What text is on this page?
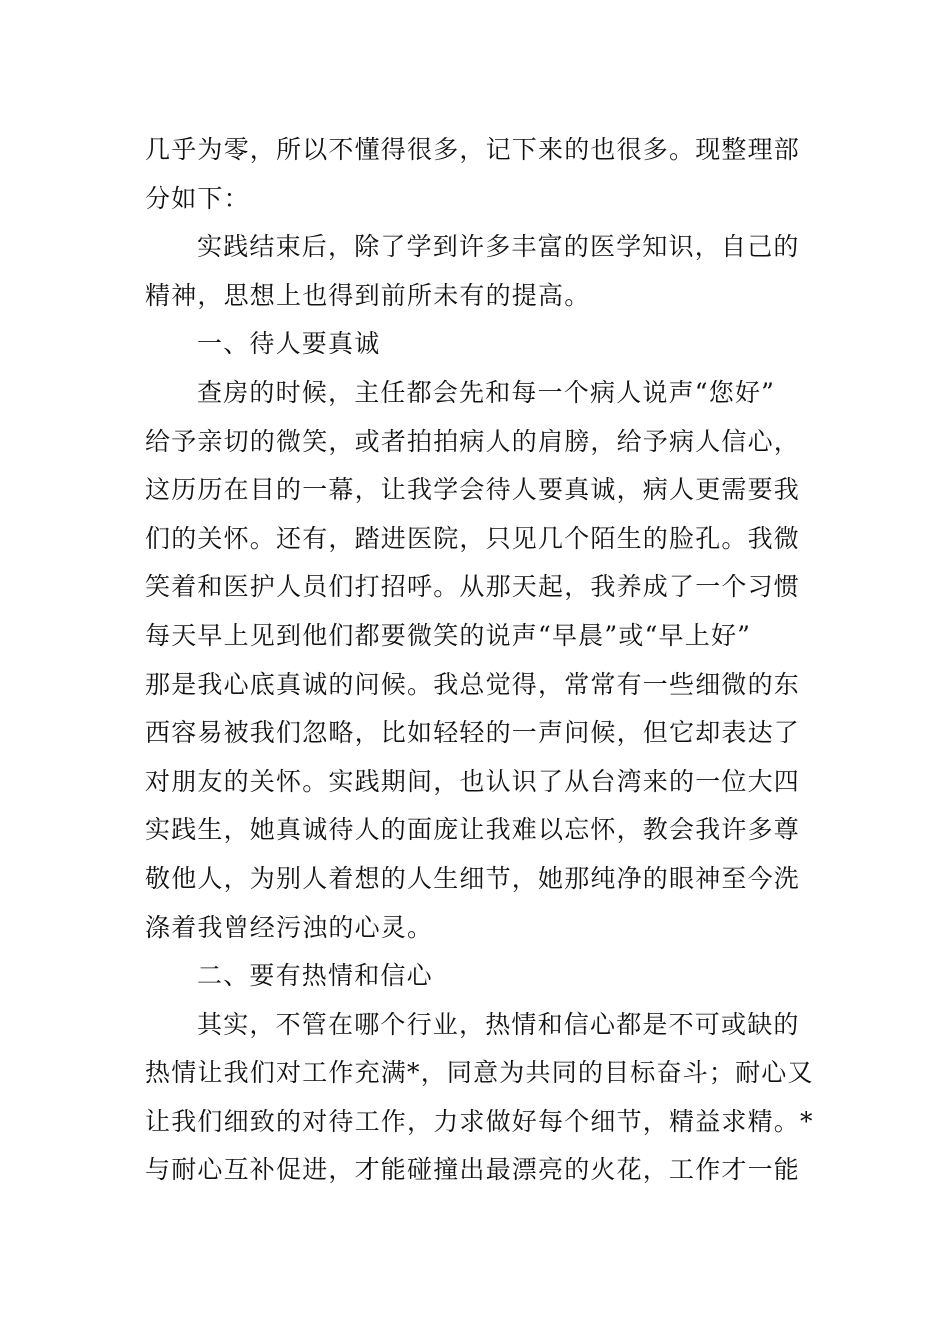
几乎为零，所以不懂得很多，记下来的也很多。现整理部
分如下：
实践结束后，除了学到许多丰富的医学知识，自己的
精神，思想上也得到前所未有的提高。
一、待人要真诚
查房的时候，主任都会先和每一个病人说声“您好”
给予亲切的微笑，或者拍拍病人的肩膀，给予病人信心，
这历历在目的一幕，让我学会待人要真诚，病人更需要我
们的关怀。还有，踏进医院，只见几个陌生的脸孔。我微
笑着和医护人员们打招呼。从那天起，我养成了一个习惯
每天早上见到他们都要微笑的说声“早晨”或“早上好”
那是我心底真诚的问候。我总觉得，常常有一些细微的东
西容易被我们忽略，比如轻轻的一声问候，但它却表达了
对朋友的关怀。实践期间，也认识了从台湾来的一位大四
实践生，她真诚待人的面庞让我难以忘怀，教会我许多尊
敬他人，为别人着想的人生细节，她那纯净的眼神至今洗
涤着我曾经污浊的心灵。
二、要有热情和信心
其实，不管在哪个行业，热情和信心都是不可或缺的
热情让我们对工作充满*，同意为共同的目标奋斗；耐心又
让我们细致的对待工作，力求做好每个细节，精益求精。*
与耐心互补促进，才能碰撞出最漂亮的火花，工作才一能
